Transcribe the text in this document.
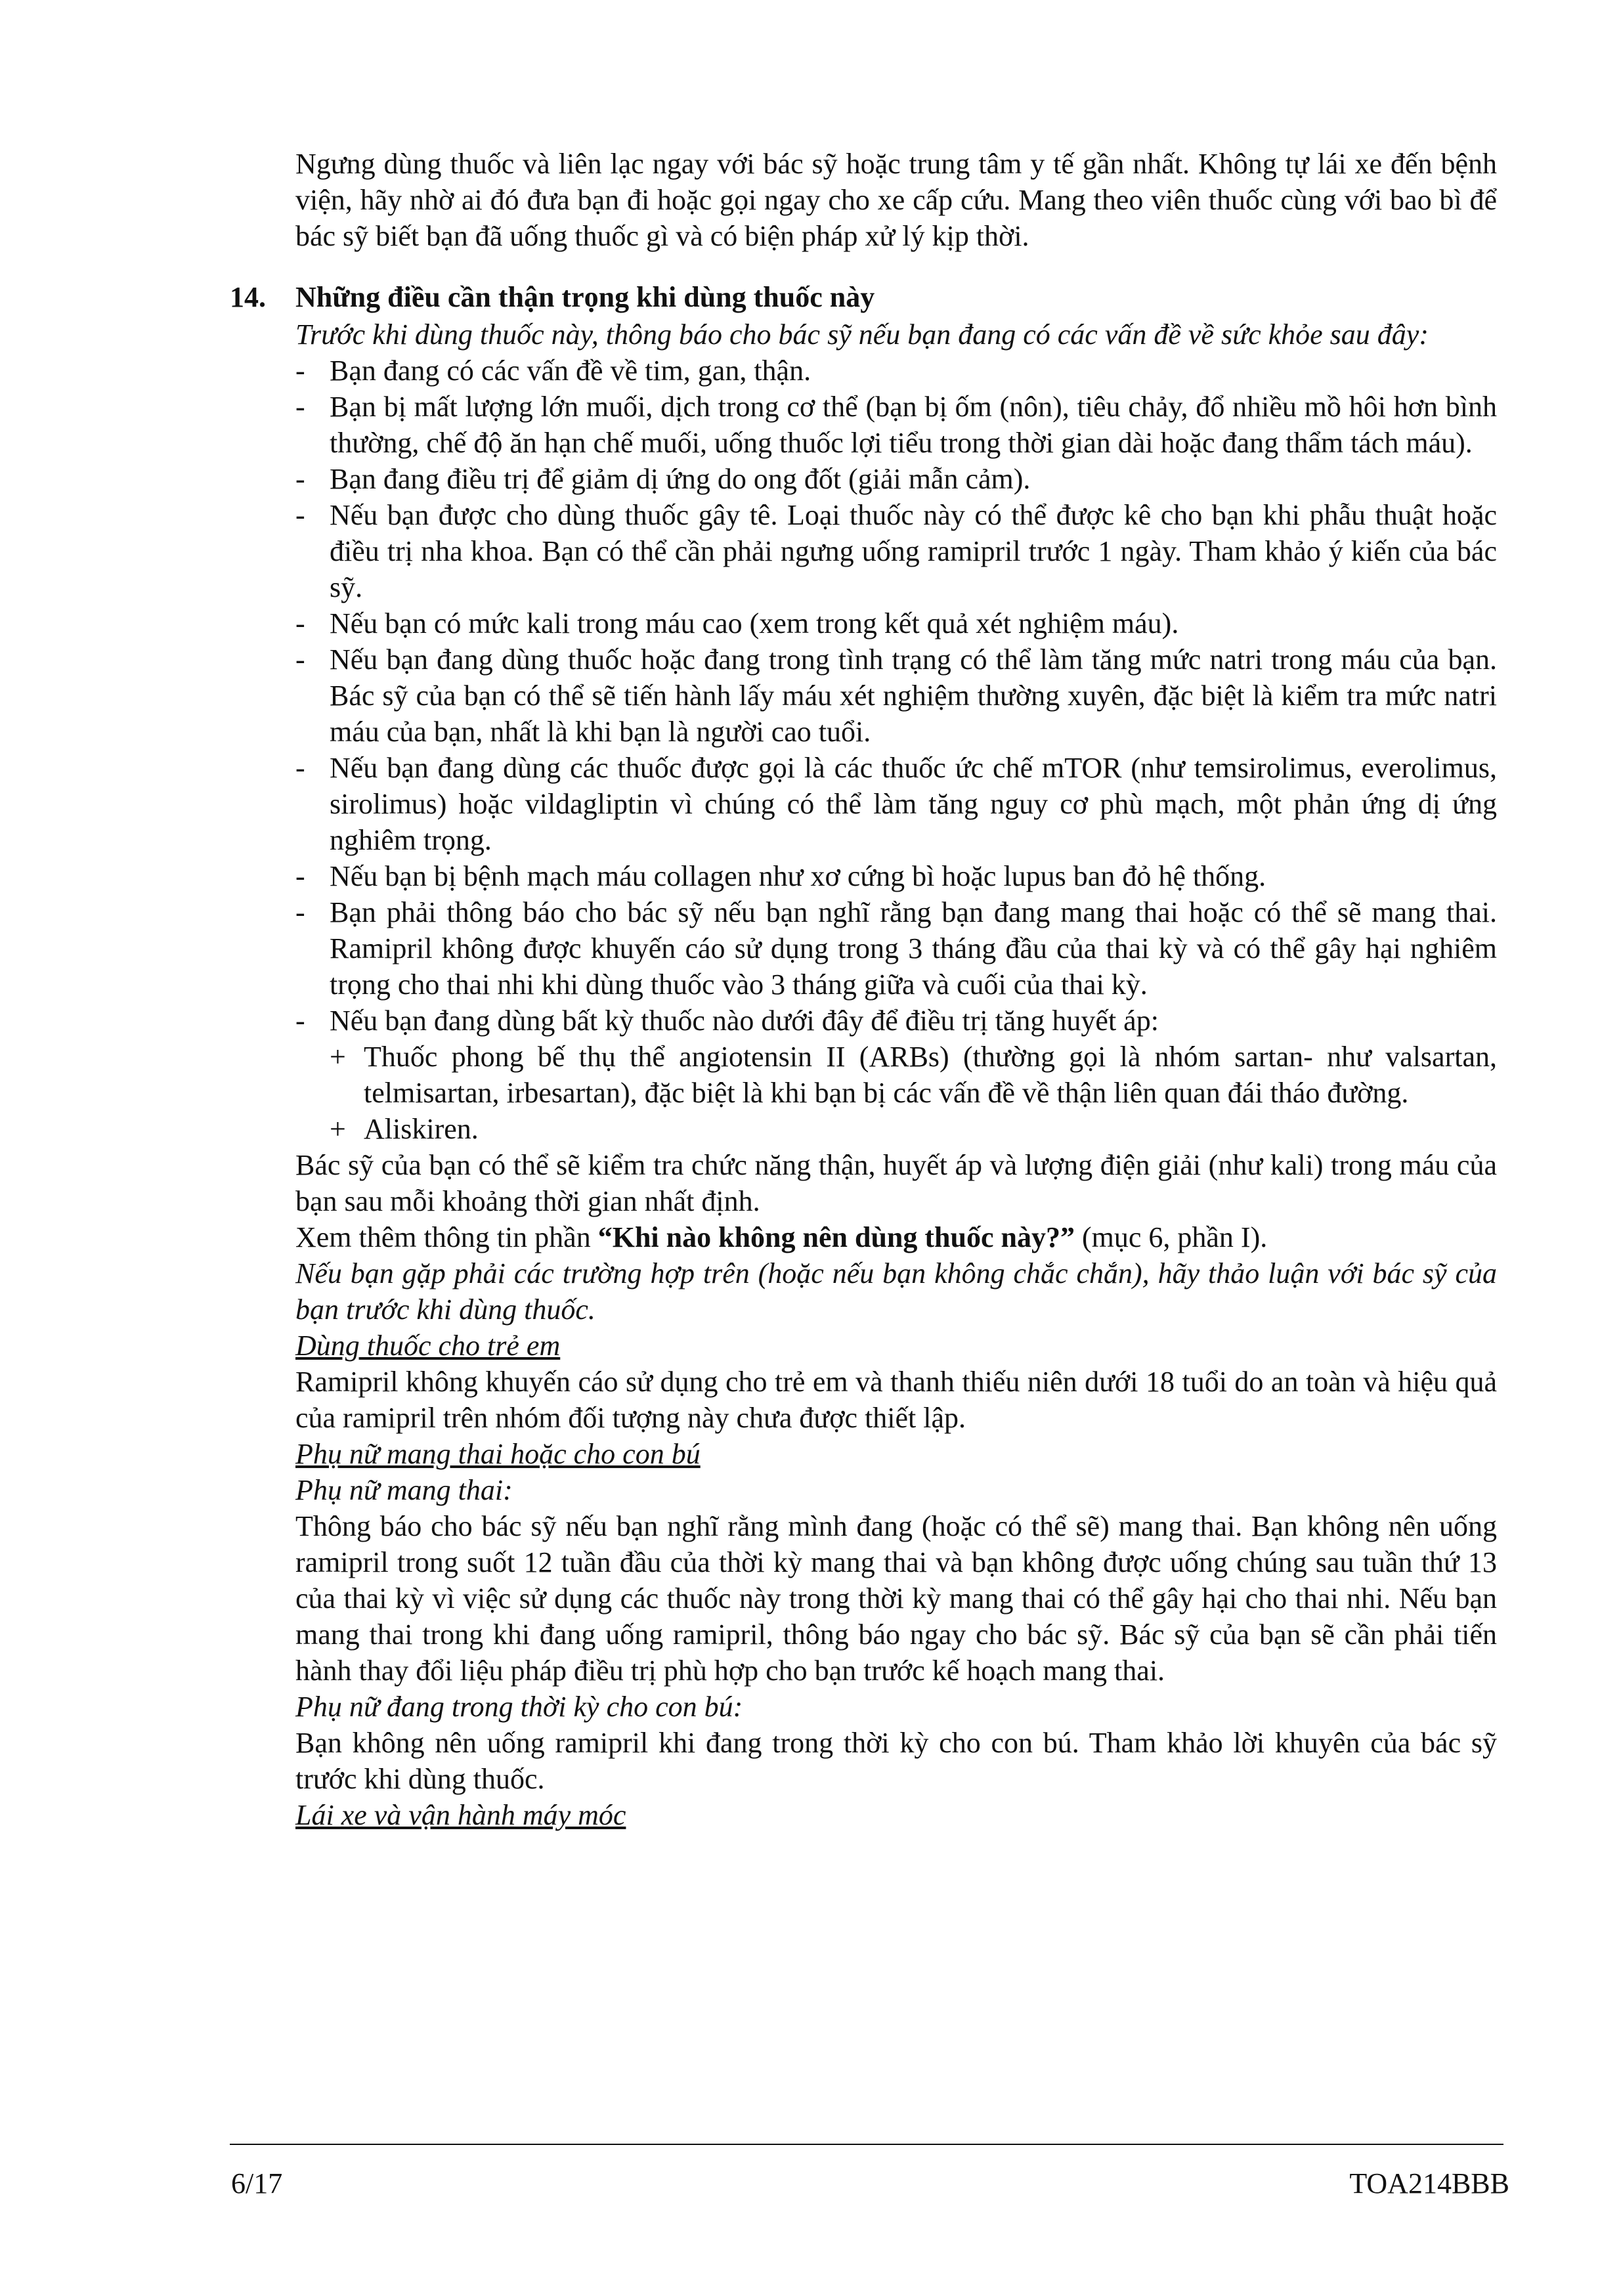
Ngưng dùng thuốc và liên lạc ngay với bác sỹ hoặc trung tâm y tế gần nhất. Không tự lái xe đến bệnh viện, hãy nhờ ai đó đưa bạn đi hoặc gọi ngay cho xe cấp cứu. Mang theo viên thuốc cùng với bao bì để bác sỹ biết bạn đã uống thuốc gì và có biện pháp xử lý kịp thời.

14.	Những điều cần thận trọng khi dùng thuốc này

Trước khi dùng thuốc này, thông báo cho bác sỹ nếu bạn đang có các vấn đề về sức khỏe sau đây:

- Bạn đang có các vấn đề về tim, gan, thận.
- Bạn bị mất lượng lớn muối, dịch trong cơ thể (bạn bị ốm (nôn), tiêu chảy, đổ nhiều mồ hôi hơn bình thường, chế độ ăn hạn chế muối, uống thuốc lợi tiểu trong thời gian dài hoặc đang thẩm tách máu).
- Bạn đang điều trị để giảm dị ứng do ong đốt (giải mẫn cảm).
- Nếu bạn được cho dùng thuốc gây tê. Loại thuốc này có thể được kê cho bạn khi phẫu thuật hoặc điều trị nha khoa. Bạn có thể cần phải ngưng uống ramipril trước 1 ngày. Tham khảo ý kiến của bác sỹ.
- Nếu bạn có mức kali trong máu cao (xem trong kết quả xét nghiệm máu).
- Nếu bạn đang dùng thuốc hoặc đang trong tình trạng có thể làm tăng mức natri trong máu của bạn. Bác sỹ của bạn có thể sẽ tiến hành lấy máu xét nghiệm thường xuyên, đặc biệt là kiểm tra mức natri máu của bạn, nhất là khi bạn là người cao tuổi.
- Nếu bạn đang dùng các thuốc được gọi là các thuốc ức chế mTOR (như temsirolimus, everolimus, sirolimus) hoặc vildagliptin vì chúng có thể làm tăng nguy cơ phù mạch, một phản ứng dị ứng nghiêm trọng.
- Nếu bạn bị bệnh mạch máu collagen như xơ cứng bì hoặc lupus ban đỏ hệ thống.
- Bạn phải thông báo cho bác sỹ nếu bạn nghĩ rằng bạn đang mang thai hoặc có thể sẽ mang thai. Ramipril không được khuyến cáo sử dụng trong 3 tháng đầu của thai kỳ và có thể gây hại nghiêm trọng cho thai nhi khi dùng thuốc vào 3 tháng giữa và cuối của thai kỳ.
- Nếu bạn đang dùng bất kỳ thuốc nào dưới đây để điều trị tăng huyết áp:
+ Thuốc phong bế thụ thể angiotensin II (ARBs) (thường gọi là nhóm sartan- như valsartan, telmisartan, irbesartan), đặc biệt là khi bạn bị các vấn đề về thận liên quan đái tháo đường.
+ Aliskiren.

Bác sỹ của bạn có thể sẽ kiểm tra chức năng thận, huyết áp và lượng điện giải (như kali) trong máu của bạn sau mỗi khoảng thời gian nhất định.

Xem thêm thông tin phần “Khi nào không nên dùng thuốc này?” (mục 6, phần I).

Nếu bạn gặp phải các trường hợp trên (hoặc nếu bạn không chắc chắn), hãy thảo luận với bác sỹ của bạn trước khi dùng thuốc.

Dùng thuốc cho trẻ em

Ramipril không khuyến cáo sử dụng cho trẻ em và thanh thiếu niên dưới 18 tuổi do an toàn và hiệu quả của ramipril trên nhóm đối tượng này chưa được thiết lập.

Phụ nữ mang thai hoặc cho con bú

Phụ nữ mang thai:

Thông báo cho bác sỹ nếu bạn nghĩ rằng mình đang (hoặc có thể sẽ) mang thai. Bạn không nên uống ramipril trong suốt 12 tuần đầu của thời kỳ mang thai và bạn không được uống chúng sau tuần thứ 13 của thai kỳ vì việc sử dụng các thuốc này trong thời kỳ mang thai có thể gây hại cho thai nhi. Nếu bạn mang thai trong khi đang uống ramipril, thông báo ngay cho bác sỹ. Bác sỹ của bạn sẽ cần phải tiến hành thay đổi liệu pháp điều trị phù hợp cho bạn trước kế hoạch mang thai.

Phụ nữ đang trong thời kỳ cho con bú:

Bạn không nên uống ramipril khi đang trong thời kỳ cho con bú. Tham khảo lời khuyên của bác sỹ trước khi dùng thuốc.

Lái xe và vận hành máy móc

6/17	TOA214BBB
